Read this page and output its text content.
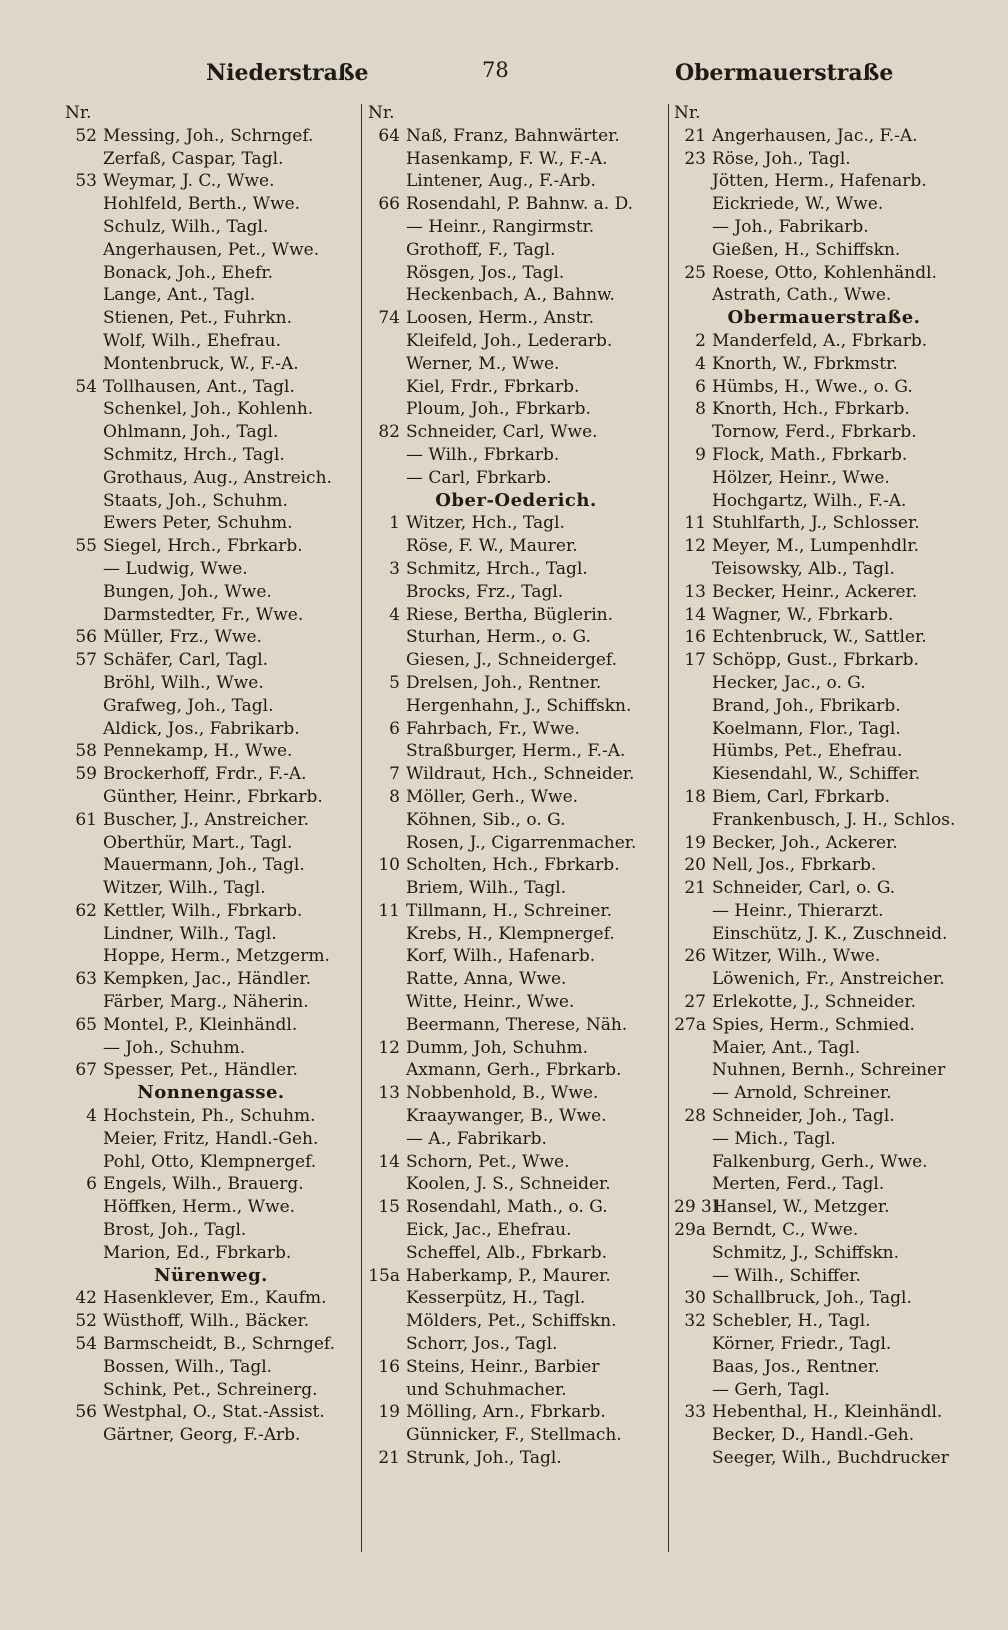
Niederstraße	78	Obermauerstraße
Nr.
52 Messing, Joh., Schrngef.
Zerfaß, Caspar, Tagl.
53 Weymar, J. C., Wwe.
Hohlfeld, Berth., Wwe.
Schulz, Wilh., Tagl.
Angerhausen, Pet., Wwe.
Bonack, Joh., Ehefr.
Lange, Ant., Tagl.
Stienen, Pet., Fuhrkn.
Wolf, Wilh., Ehefrau.
Montenbruck, W., F.-A.
54 Tollhausen, Ant., Tagl.
Schenkel, Joh., Kohlenh.
Ohlmann, Joh., Tagl.
Schmitz, Hrch., Tagl.
Grothaus, Aug., Anstreich.
Staats, Joh., Schuhm.
Ewers Peter, Schuhm.
55 Siegel, Hrch., Fbrkarb.
— Ludwig, Wwe.
Bungen, Joh., Wwe.
Darmstedter, Fr., Wwe.
56 Müller, Frz., Wwe.
57 Schäfer, Carl, Tagl.
Bröhl, Wilh., Wwe.
Grafweg, Joh., Tagl.
Aldick, Jos., Fabrikarb.
58 Pennekamp, H., Wwe.
59 Brockerhoff, Frdr., F.-A.
Günther, Heinr., Fbrkarb.
61 Buscher, J., Anstreicher.
Oberthür, Mart., Tagl.
Mauermann, Joh., Tagl.
Witzer, Wilh., Tagl.
62 Kettler, Wilh., Fbrkarb.
Lindner, Wilh., Tagl.
Hoppe, Herm., Metzgerm.
63 Kempken, Jac., Händler.
Färber, Marg., Näherin.
65 Montel, P., Kleinhändl.
— Joh., Schuhm.
67 Spesser, Pet., Händler.
Nonnengasse.
4 Hochstein, Ph., Schuhm.
Meier, Fritz, Handl.-Geh.
Pohl, Otto, Klempnergef.
6 Engels, Wilh., Brauerg.
Höffken, Herm., Wwe.
Brost, Joh., Tagl.
Marion, Ed., Fbrkarb.
Nürenweg.
42 Hasenklever, Em., Kaufm.
52 Wüsthoff, Wilh., Bäcker.
54 Barmscheidt, B., Schrngef.
Bossen, Wilh., Tagl.
Schink, Pet., Schreinerg.
56 Westphal, O., Stat.-Assist.
Gärtner, Georg, F.-Arb.
Nr.
64 Naß, Franz, Bahnwärter.
Hasenkamp, F. W., F.-A.
Lintener, Aug., F.-Arb.
66 Rosendahl, P. Bahnw. a. D.
— Heinr., Rangirmstr.
Grothoff, F., Tagl.
Rösgen, Jos., Tagl.
Heckenbach, A., Bahnw.
74 Loosen, Herm., Anstr.
Kleifeld, Joh., Lederarb.
Werner, M., Wwe.
Kiel, Frdr., Fbrkarb.
Ploum, Joh., Fbrkarb.
82 Schneider, Carl, Wwe.
— Wilh., Fbrkarb.
— Carl, Fbrkarb.
Ober-Oederich.
1 Witzer, Hch., Tagl.
Röse, F. W., Maurer.
3 Schmitz, Hrch., Tagl.
Brocks, Frz., Tagl.
4 Riese, Bertha, Büglerin.
Sturhan, Herm., o. G.
Giesen, J., Schneidergef.
5 Drelsen, Joh., Rentner.
Hergenhahn, J., Schiffskn.
6 Fahrbach, Fr., Wwe.
Straßburger, Herm., F.-A.
7 Wildraut, Hch., Schneider.
8 Möller, Gerh., Wwe.
Köhnen, Sib., o. G.
Rosen, J., Cigarrenmacher.
10 Scholten, Hch., Fbrkarb.
Briem, Wilh., Tagl.
11 Tillmann, H., Schreiner.
Krebs, H., Klempnergef.
Korf, Wilh., Hafenarb.
Ratte, Anna, Wwe.
Witte, Heinr., Wwe.
Beermann, Therese, Näh.
12 Dumm, Joh, Schuhm.
Axmann, Gerh., Fbrkarb.
13 Nobbenhold, B., Wwe.
Kraaywanger, B., Wwe.
— A., Fabrikarb.
14 Schorn, Pet., Wwe.
Koolen, J. S., Schneider.
15 Rosendahl, Math., o. G.
Eick, Jac., Ehefrau.
Scheffel, Alb., Fbrkarb.
15a Haberkamp, P., Maurer.
Kesserpütz, H., Tagl.
Mölders, Pet., Schiffskn.
Schorr, Jos., Tagl.
16 Steins, Heinr., Barbier
und Schuhmacher.
19 Mölling, Arn., Fbrkarb.
Günnicker, F., Stellmach.
21 Strunk, Joh., Tagl.
Nr.
21 Angerhausen, Jac., F.-A.
23 Röse, Joh., Tagl.
Jötten, Herm., Hafenarb.
Eickriede, W., Wwe.
— Joh., Fabrikarb.
Gießen, H., Schiffskn.
25 Roese, Otto, Kohlenhändl.
Astrath, Cath., Wwe.
Obermauerstraße.
2 Manderfeld, A., Fbrkarb.
4 Knorth, W., Fbrkmstr.
6 Hümbs, H., Wwe., o. G.
8 Knorth, Hch., Fbrkarb.
Tornow, Ferd., Fbrkarb.
9 Flock, Math., Fbrkarb.
Hölzer, Heinr., Wwe.
Hochgartz, Wilh., F.-A.
11 Stuhlfarth, J., Schlosser.
12 Meyer, M., Lumpenhdlr.
Teisowsky, Alb., Tagl.
13 Becker, Heinr., Ackerer.
14 Wagner, W., Fbrkarb.
16 Echtenbruck, W., Sattler.
17 Schöpp, Gust., Fbrkarb.
Hecker, Jac., o. G.
Brand, Joh., Fbrikarb.
Koelmann, Flor., Tagl.
Hümbs, Pet., Ehefrau.
Kiesendahl, W., Schiffer.
18 Biem, Carl, Fbrkarb.
Frankenbusch, J. H., Schlos.
19 Becker, Joh., Ackerer.
20 Nell, Jos., Fbrkarb.
21 Schneider, Carl, o. G.
— Heinr., Thierarzt.
Einschütz, J. K., Zuschneid.
26 Witzer, Wilh., Wwe.
Löwenich, Fr., Anstreicher.
27 Erlekotte, J., Schneider.
27a Spies, Herm., Schmied.
Maier, Ant., Tagl.
Nuhnen, Bernh., Schreiner
— Arnold, Schreiner.
28 Schneider, Joh., Tagl.
— Mich., Tagl.
Falkenburg, Gerh., Wwe.
Merten, Ferd., Tagl.
29 31
Hansel, W., Metzger.
29a Berndt, C., Wwe.
Schmitz, J., Schiffskn.
— Wilh., Schiffer.
30 Schallbruck, Joh., Tagl.
32 Schebler, H., Tagl.
Körner, Friedr., Tagl.
Baas, Jos., Rentner.
— Gerh, Tagl.
33 Hebenthal, H., Kleinhändl.
Becker, D., Handl.-Geh.
Seeger, Wilh., Buchdrucker
